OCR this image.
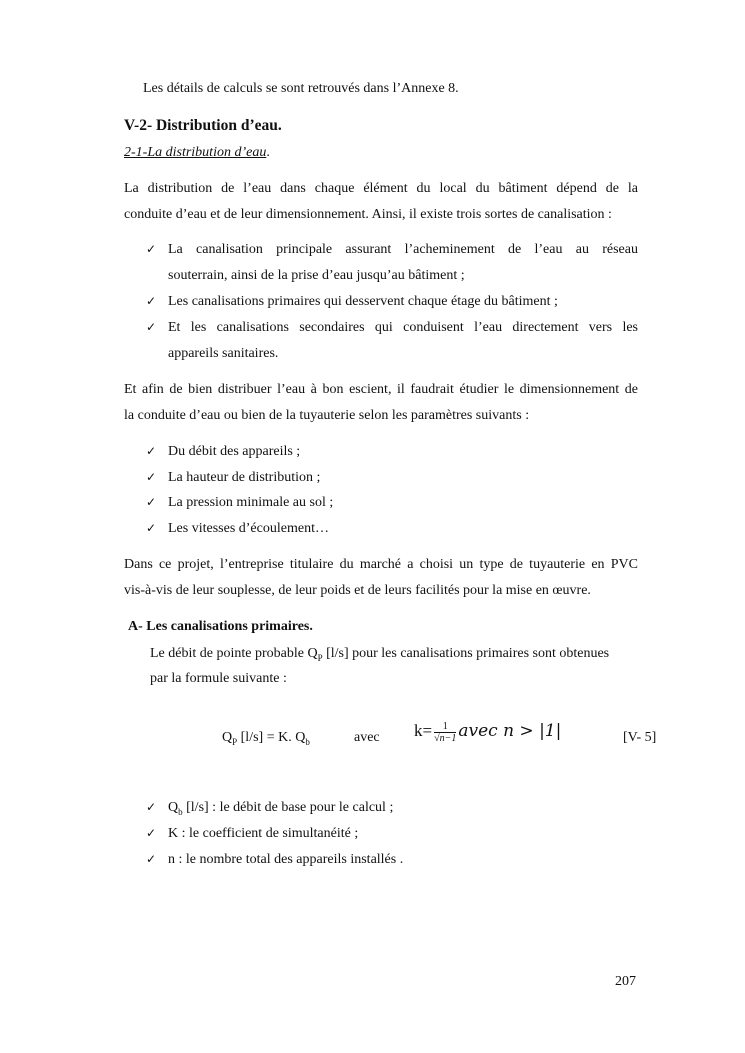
Les détails de calculs se sont retrouvés dans l’Annexe 8.
V-2- Distribution d’eau.
2-1-La distribution d’eau.
La distribution de l’eau dans chaque élément du local du bâtiment dépend de la
conduite d’eau et de leur dimensionnement. Ainsi, il existe trois sortes de canalisation :
✓ La canalisation principale assurant l’acheminement de l’eau au réseau
souterrain, ainsi de la prise d’eau jusqu’au bâtiment ;
✓ Les canalisations primaires qui desservent chaque étage du bâtiment ;
✓ Et les canalisations secondaires qui conduisent l’eau directement vers les
appareils sanitaires.
Et afin de bien distribuer l’eau à bon escient, il faudrait étudier le dimensionnement de
la conduite d’eau ou bien de la tuyauterie selon les paramètres suivants :
✓ Du débit des appareils ;
✓ La hauteur de distribution ;
✓ La pression minimale au sol ;
✓ Les vitesses d’écoulement…
Dans ce projet, l’entreprise titulaire du marché a choisi un type de tuyauterie en PVC
vis-à-vis de leur souplesse, de leur poids et de leurs facilités pour la mise en œuvre.
A- Les canalisations primaires.
Le débit de pointe probable $Q_P$ [l/s] pour les canalisations primaires sont obtenues
par la formule suivante :
$Q_P$ [l/s] = K. $Q_b$	avec $k= \frac{1}{√n-1}$ avec n > |1|	[V- 5]
✓ $Q_b$ [l/s] : le débit de base pour le calcul ;
✓ K : le coefficient de simultanéité ;
✓ n : le nombre total des appareils installés .
207
